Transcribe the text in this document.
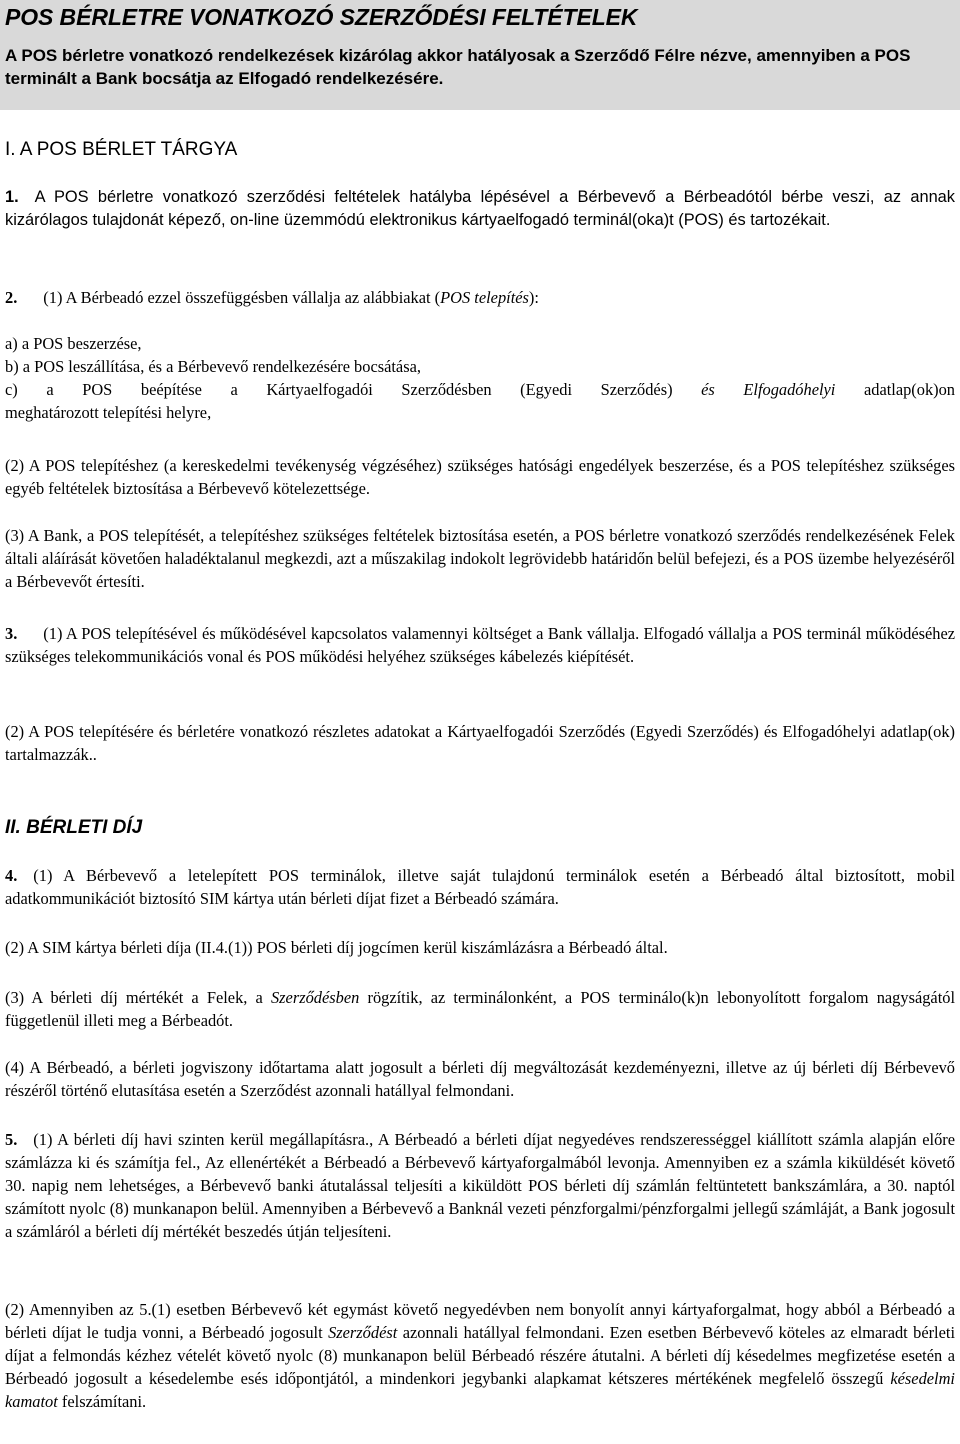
POS BÉRLETRE VONATKOZÓ SZERZŐDÉSI FELTÉTELEK

A POS bérletre vonatkozó rendelkezések kizárólag akkor hatályosak a Szerződő Félre nézve, amennyiben a POS terminált a Bank bocsátja az Elfogadó rendelkezésére.

I. A POS BÉRLET TÁRGYA

1. A POS bérletre vonatkozó szerződési feltételek hatályba lépésével a Bérbevevő a Bérbeadótól bérbe veszi, az annak kizárólagos tulajdonát képező, on-line üzemmódú elektronikus kártyaelfogadó terminál(oka)t (POS) és tartozékait.

2. (1) A Bérbeadó ezzel összefüggésben vállalja az alábbiakat (POS telepítés):

a) a POS beszerzése,

b) a POS leszállítása, és a Bérbevevő rendelkezésére bocsátása,

c) a POS beépítése a Kártyaelfogadói Szerződésben (Egyedi Szerződés) és Elfogadóhelyi adatlap(ok)on

meghatározott telepítési helyre,

(2) A POS telepítéshez (a kereskedelmi tevékenység végzéséhez) szükséges hatósági engedélyek beszerzése, és a POS telepítéshez szükséges egyéb feltételek biztosítása a Bérbevevő kötelezettsége.

(3) A Bank, a POS telepítését, a telepítéshez szükséges feltételek biztosítása esetén, a POS bérletre vonatkozó szerződés rendelkezésének Felek általi aláírását követően haladéktalanul megkezdi, azt a műszakilag indokolt legrövidebb határidőn belül befejezi, és a POS üzembe helyezéséről a Bérbevevőt értesíti.

3. (1) A POS telepítésével és működésével kapcsolatos valamennyi költséget a Bank vállalja. Elfogadó vállalja a POS terminál működéséhez szükséges telekommunikációs vonal és POS működési helyéhez szükséges kábelezés kiépítését.

(2) A POS telepítésére és bérletére vonatkozó részletes adatokat a Kártyaelfogadói Szerződés (Egyedi Szerződés) és Elfogadóhelyi adatlap(ok) tartalmazzák..

II. BÉRLETI DÍJ

4. (1) A Bérbevevő a letelepített POS terminálok, illetve saját tulajdonú terminálok esetén a Bérbeadó által biztosított, mobil adatkommunikációt biztosító SIM kártya után bérleti díjat fizet a Bérbeadó számára.

(2) A SIM kártya bérleti díja (II.4.(1)) POS bérleti díj jogcímen kerül kiszámlázásra a Bérbeadó által.

(3) A bérleti díj mértékét a Felek, a Szerződésben rögzítik, az terminálonként, a POS terminálo(k)n lebonyolított forgalom nagyságától függetlenül illeti meg a Bérbeadót.

(4) A Bérbeadó, a bérleti jogviszony időtartama alatt jogosult a bérleti díj megváltozását kezdeményezni, illetve az új bérleti díj Bérbevevő részéről történő elutasítása esetén a Szerződést azonnali hatállyal felmondani.

5. (1) A bérleti díj havi szinten kerül megállapításra., A Bérbeadó a bérleti díjat negyedéves rendszerességgel kiállított számla alapján előre számlázza ki és számítja fel., Az ellenértékét a Bérbeadó a Bérbevevő kártyaforgalmából levonja. Amennyiben ez a számla kiküldését követő 30. napig nem lehetséges, a Bérbevevő banki átutalással teljesíti a kiküldött POS bérleti díj számlán feltüntetett bankszámlára, a 30. naptól számított nyolc (8) munkanapon belül. Amennyiben a Bérbevevő a Banknál vezeti pénzforgalmi/pénzforgalmi jellegű számláját, a Bank jogosult a számláról a bérleti díj mértékét beszedés útján teljesíteni.

(2) Amennyiben az 5.(1) esetben Bérbevevő két egymást követő negyedévben nem bonyolít annyi kártyaforgalmat, hogy abból a Bérbeadó a bérleti díjat le tudja vonni, a Bérbeadó jogosult Szerződést azonnali hatállyal felmondani. Ezen esetben Bérbevevő köteles az elmaradt bérleti díjat a felmondás kézhez vételét követő nyolc (8) munkanapon belül Bérbeadó részére átutalni. A bérleti díj késedelmes megfizetése esetén a Bérbeadó jogosult a késedelembe esés időpontjától, a mindenkori jegybanki alapkamat kétszeres mértékének megfelelő összegű késedelmi kamatot felszámítani.
